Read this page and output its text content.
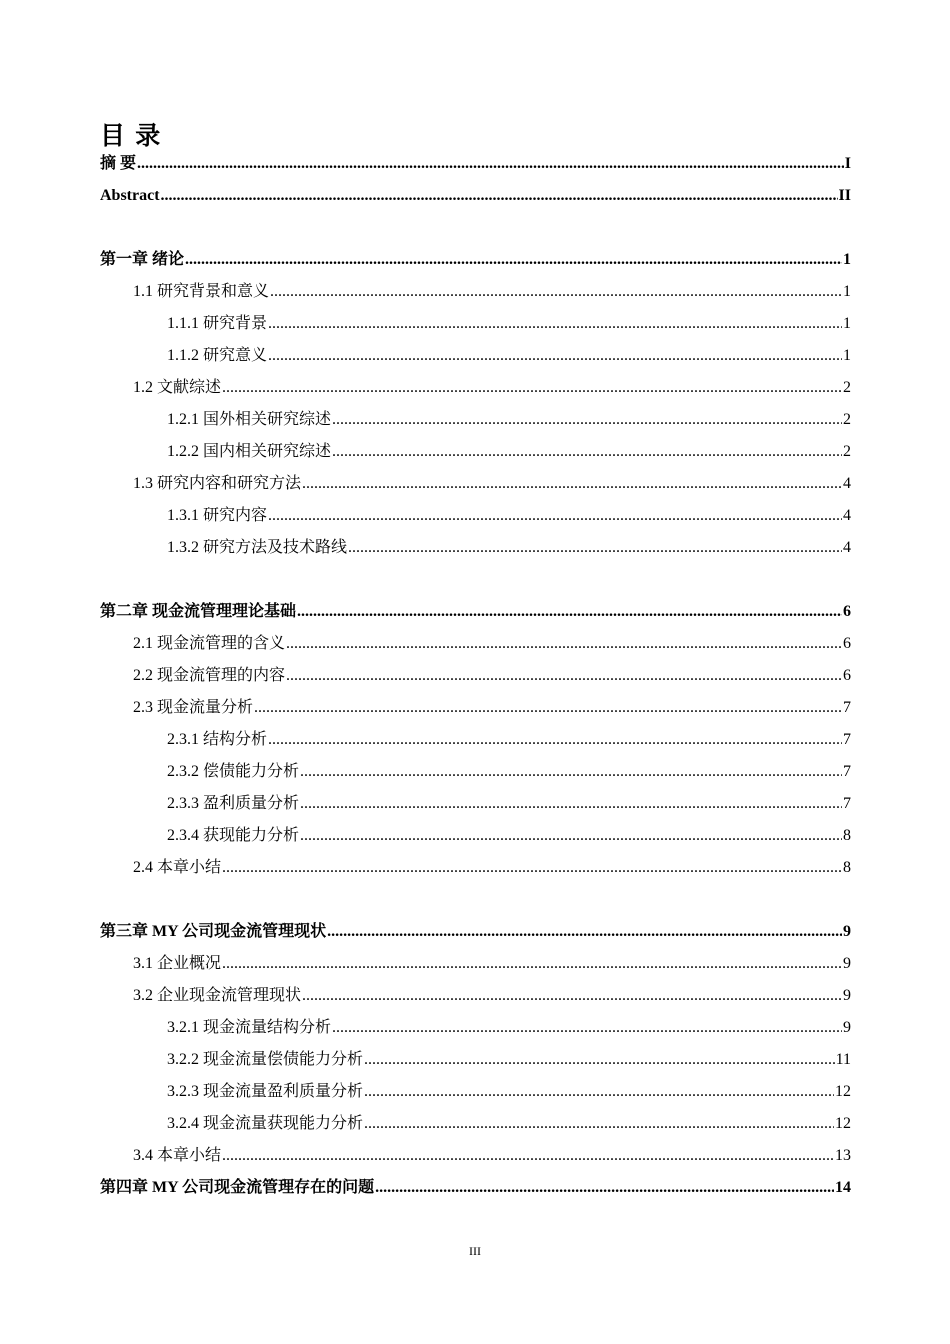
目 录
摘 要 .....	I
Abstract .....	II
第一章 绪论 .....	1
1.1 研究背景和意义 .....	1
1.1.1 研究背景 .....	1
1.1.2 研究意义 .....	1
1.2 文献综述 .....	2
1.2.1 国外相关研究综述 .....	2
1.2.2 国内相关研究综述 .....	2
1.3 研究内容和研究方法 .....	4
1.3.1 研究内容 .....	4
1.3.2 研究方法及技术路线 .....	4
第二章 现金流管理理论基础 .....	6
2.1 现金流管理的含义 .....	6
2.2 现金流管理的内容 .....	6
2.3 现金流量分析 .....	7
2.3.1 结构分析 .....	7
2.3.2 偿债能力分析 .....	7
2.3.3 盈利质量分析 .....	7
2.3.4 获现能力分析 .....	8
2.4 本章小结 .....	8
第三章 MY 公司现金流管理现状 .....	9
3.1 企业概况 .....	9
3.2 企业现金流管理现状 .....	9
3.2.1 现金流量结构分析 .....	9
3.2.2 现金流量偿债能力分析 .....	11
3.2.3 现金流量盈利质量分析 .....	12
3.2.4 现金流量获现能力分析 .....	12
3.4 本章小结 .....	13
第四章 MY 公司现金流管理存在的问题 .....	14
III
